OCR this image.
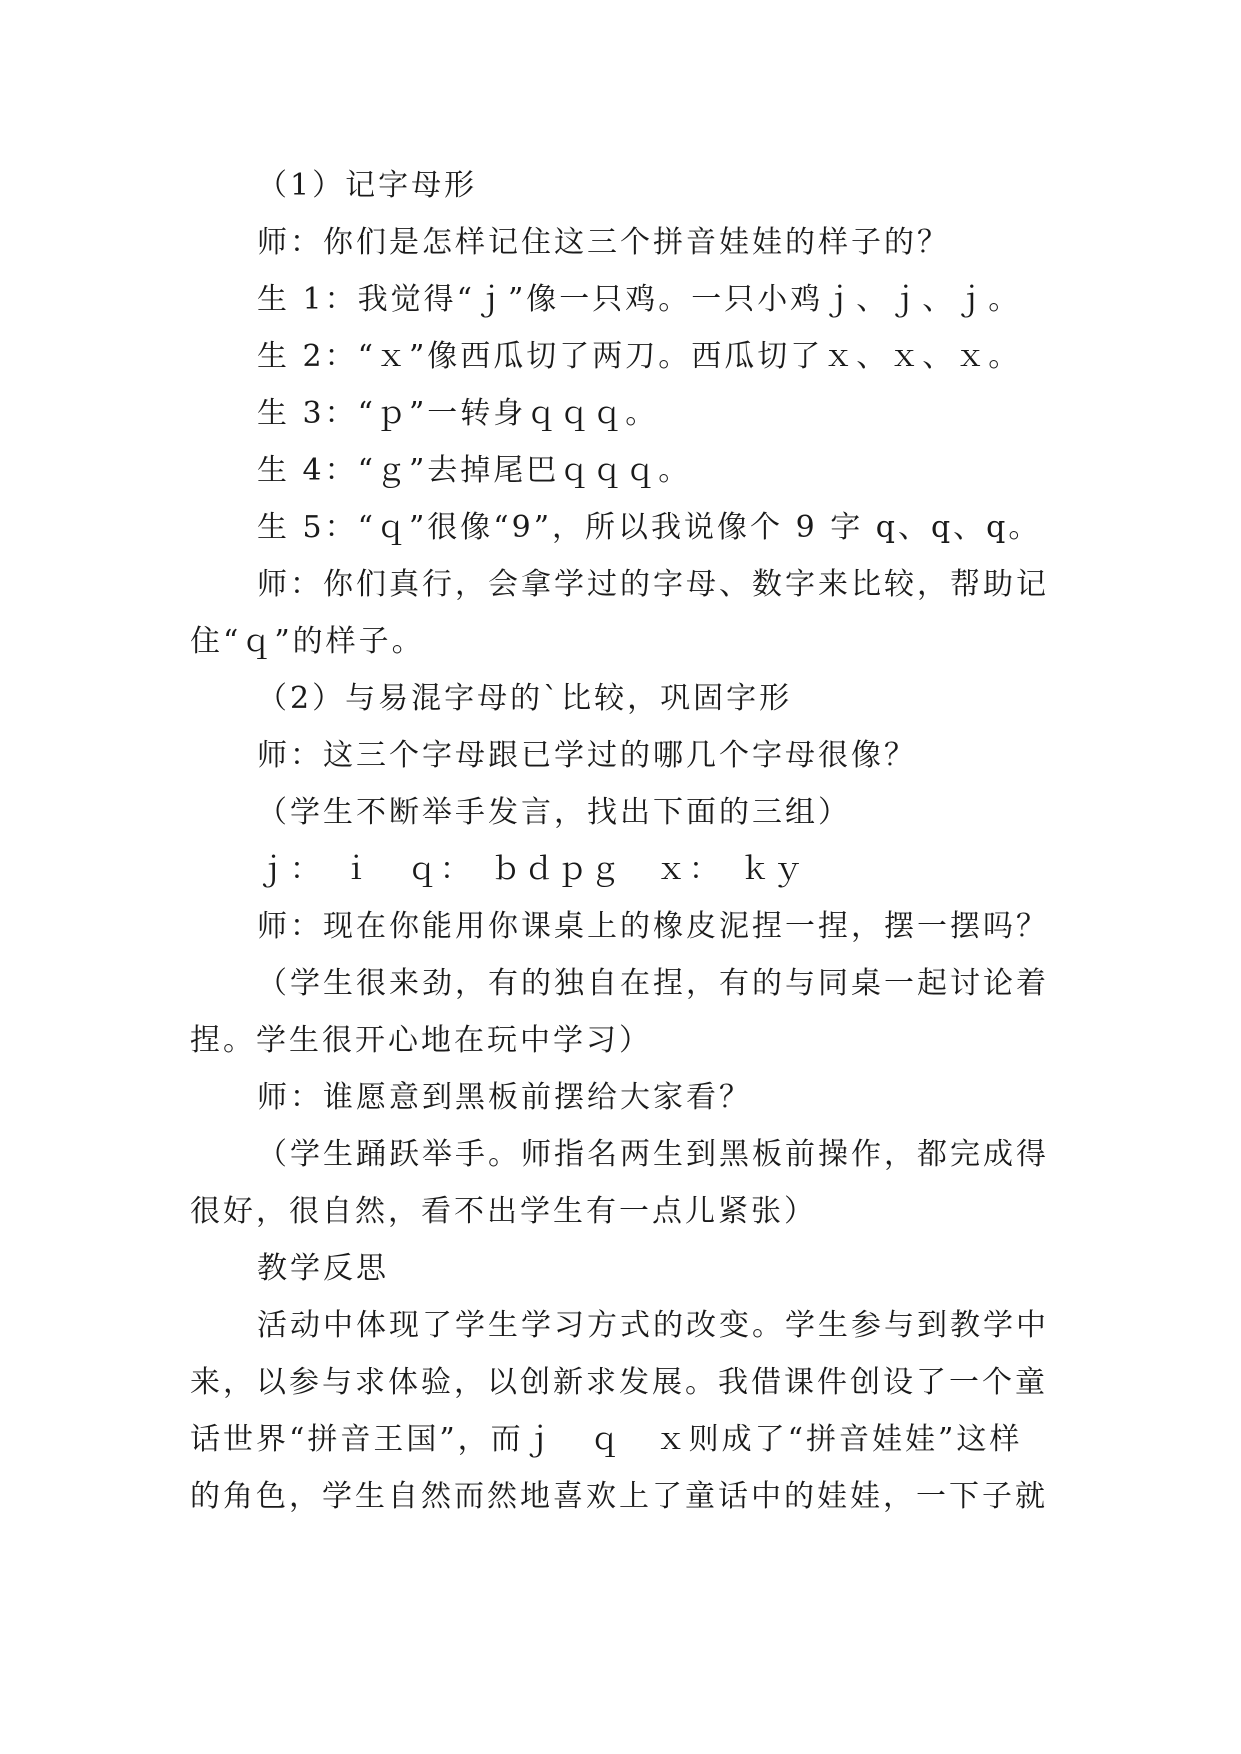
（1）记字母形
师：你们是怎样记住这三个拼音娃娃的样子的？
生 1：我觉得“ｊ”像一只鸡。一只小鸡ｊ、ｊ、ｊ。
生 2：“ｘ”像西瓜切了两刀。西瓜切了ｘ、ｘ、ｘ。
生 3：“ｐ”一转身ｑｑｑ。
生 4：“ｇ”去掉尾巴ｑｑｑ。
生 5：“ｑ”很像“9”，所以我说像个 9 字 q、q、q。
师：你们真行，会拿学过的字母、数字来比较，帮助记
住“ｑ”的样子。
（2）与易混字母的`比较，巩固字形
师：这三个字母跟已学过的哪几个字母很像？
（学生不断举手发言，找出下面的三组）
ｊ：　ｉ　ｑ：　ｂｄｐｇ　ｘ：　ｋｙ
师：现在你能用你课桌上的橡皮泥捏一捏，摆一摆吗？
（学生很来劲，有的独自在捏，有的与同桌一起讨论着
捏。学生很开心地在玩中学习）
师：谁愿意到黑板前摆给大家看？
（学生踊跃举手。师指名两生到黑板前操作，都完成得
很好，很自然，看不出学生有一点儿紧张）
教学反思
活动中体现了学生学习方式的改变。学生参与到教学中
来，以参与求体验，以创新求发展。我借课件创设了一个童
话世界“拼音王国”，而ｊ　ｑ　ｘ则成了“拼音娃娃”这样
的角色，学生自然而然地喜欢上了童话中的娃娃，一下子就
